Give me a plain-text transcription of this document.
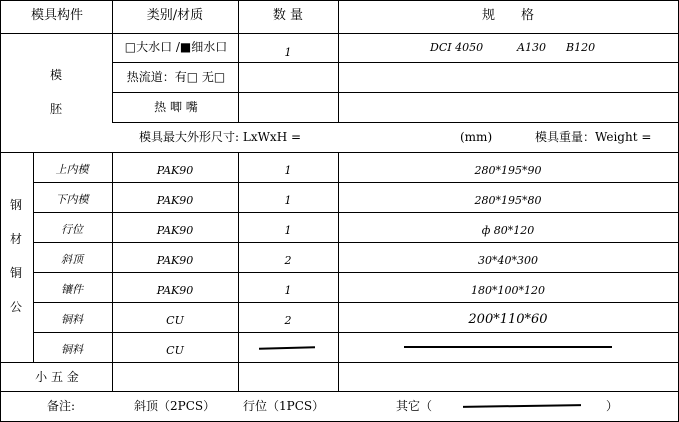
模具构件	类别/材质	数 量	规　　格
模
胚
□大水口 /■细水口	1	DCI 4050	A130 B120
热流道：有□ 无□
热 唧 嘴
模具最大外形尺寸: LxWxH =	(mm)	模具重量：Weight =
钢
材
铜
公
上内模	PAK90	1	280*195*90
下内模	PAK90	1	280*195*80
行位	PAK90	1	ф 80*120
斜顶	PAK90	2	30*40*300
镶件	PAK90	1	180*100*120
铜料	CU	2	200*110*60
铜料	CU
小 五 金
备注:	斜顶（2PCS） 行位（1PCS）	其它（	）
